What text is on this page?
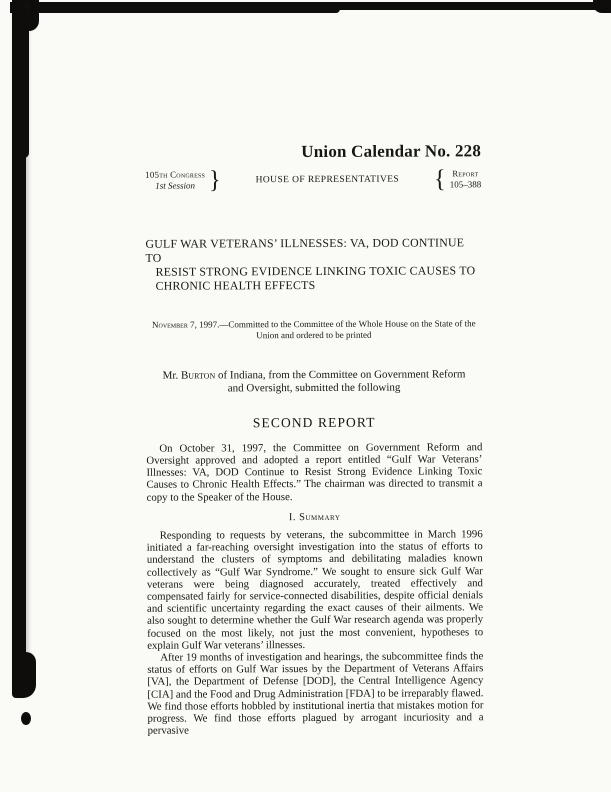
Union Calendar No. 228
105th Congress
1st Session }	HOUSE OF REPRESENTATIVES	{ Report
105–388
GULF WAR VETERANS’ ILLNESSES: VA, DOD CONTINUE TO
RESIST STRONG EVIDENCE LINKING TOXIC CAUSES TO
CHRONIC HEALTH EFFECTS
November 7, 1997.—Committed to the Committee of the Whole House on the State of the Union and ordered to be printed
Mr. Burton of Indiana, from the Committee on Government Reform and Oversight, submitted the following
SECOND REPORT

On October 31, 1997, the Committee on Government Reform and Oversight approved and adopted a report entitled “Gulf War Veterans’ Illnesses: VA, DOD Continue to Resist Strong Evidence Linking Toxic Causes to Chronic Health Effects.” The chairman was directed to transmit a copy to the Speaker of the House.

I. Summary

Responding to requests by veterans, the subcommittee in March 1996 initiated a far-reaching oversight investigation into the status of efforts to understand the clusters of symptoms and debilitating maladies known collectively as “Gulf War Syndrome.” We sought to ensure sick Gulf War veterans were being diagnosed accurately, treated effectively and compensated fairly for service-connected disabilities, despite official denials and scientific uncertainty regarding the exact causes of their ailments. We also sought to determine whether the Gulf War research agenda was properly focused on the most likely, not just the most convenient, hypotheses to explain Gulf War veterans’ illnesses.

After 19 months of investigation and hearings, the subcommittee finds the status of efforts on Gulf War issues by the Department of Veterans Affairs [VA], the Department of Defense [DOD], the Central Intelligence Agency [CIA] and the Food and Drug Administration [FDA] to be irreparably flawed. We find those efforts hobbled by institutional inertia that mistakes motion for progress. We find those efforts plagued by arrogant incuriosity and a pervasive
